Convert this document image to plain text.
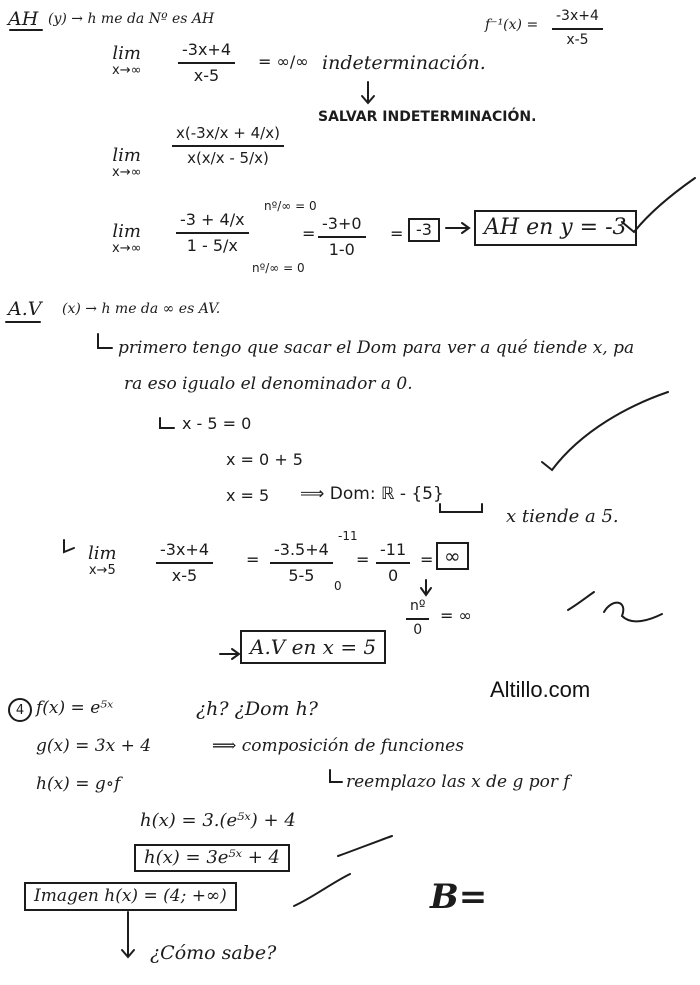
AH (y) → h me da Nº es AH	$f^{-1}(x) = \frac{-3x+4}{x-5}$
lim
$x\to\infty \frac{-3x+4}{x-5}$ = ∞/∞ indeterminación.
SALVAR INDETERMINACIÓN.
lim
x→∞
$\frac{x(-3x/x + 4/x)}{x(x/x - 5/x)}$
lim
$x\to\infty \frac{-3 + 4/x}{1 - 5/x}$
nº/∞ = 0
nº/∞ = 0
= $\frac{-3+0}{1-0} = -3$	AH en y = -3
A.V (x) → h me da ∞ es AV.
primero tengo que sacar el Dom para ver a qué tiende x, pa
ra eso igualo el denominador a 0.
x - 5 = 0
x = 0 + 5
x = 5 ⟹ Dom: ℝ - {5}
x tiende a 5.
lim
x→5	$\frac{-3x+4}{x-5} = \frac{-3.5+4}{5-5}$
-11
0
= $\frac{-11}{0}$ = ∞
$\frac{\text{nº}}{0}$ = ∞
A.V en x = 5
4 f(x) = e⁵ˣ	¿h? ¿Dom h?
g(x) = 3x + 4	⟹ composición de funciones
h(x) = g∘f	reemplazo las x de g por f
h(x) = 3.(e⁵ˣ) + 4
h(x) = 3e⁵ˣ + 4
Imagen h(x) = (4; +∞)
¿Cómo sabe?
B=
Altillo.com
